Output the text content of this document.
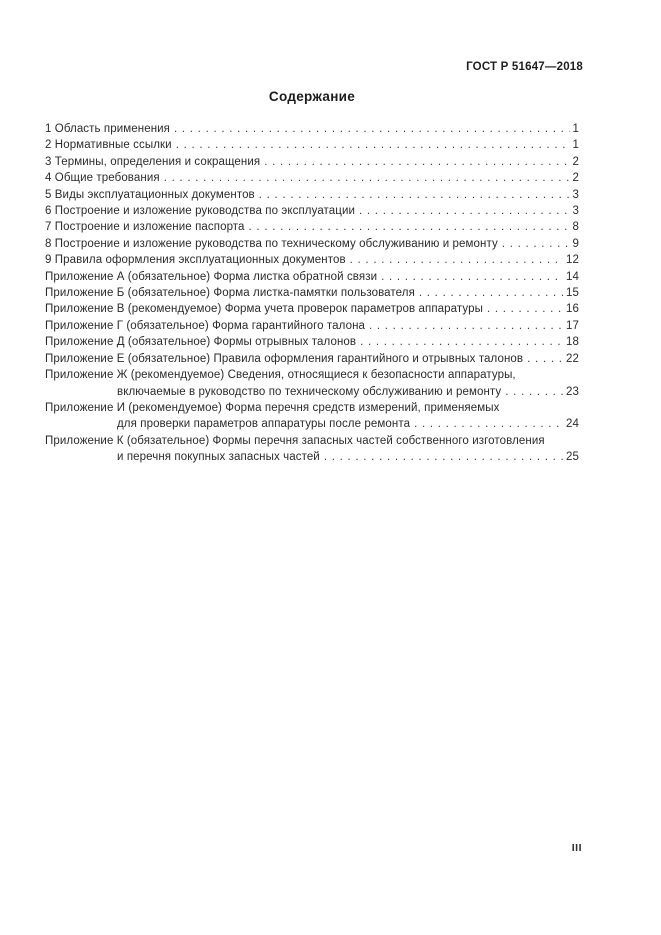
ГОСТ Р 51647—2018
Содержание
1 Область применения . . .	1
2 Нормативные ссылки . . .	1
3 Термины, определения и сокращения . . .	2
4 Общие требования . . .	2
5 Виды эксплуатационных документов . . .	3
6 Построение и изложение руководства по эксплуатации . . .	3
7 Построение и изложение паспорта . . .	8
8 Построение и изложение руководства по техническому обслуживанию и ремонту . . .	9
9 Правила оформления эксплуатационных документов . . .	12
Приложение А (обязательное) Форма листка обратной связи . . .	14
Приложение Б (обязательное) Форма листка-памятки пользователя . . .	15
Приложение В (рекомендуемое) Форма учета проверок параметров аппаратуры . . .	16
Приложение Г (обязательное) Форма гарантийного талона . . .	17
Приложение Д (обязательное) Формы отрывных талонов . . .	18
Приложение Е (обязательное) Правила оформления гарантийного и отрывных талонов . . .	22
Приложение Ж (рекомендуемое) Сведения, относящиеся к безопасности аппаратуры,
включаемые в руководство по техническому обслуживанию и ремонту . . .	23
Приложение И (рекомендуемое) Форма перечня средств измерений, применяемых
для проверки параметров аппаратуры после ремонта . . .	24
Приложение К (обязательное) Формы перечня запасных частей собственного изготовления
и перечня покупных запасных частей . . .	25
III
